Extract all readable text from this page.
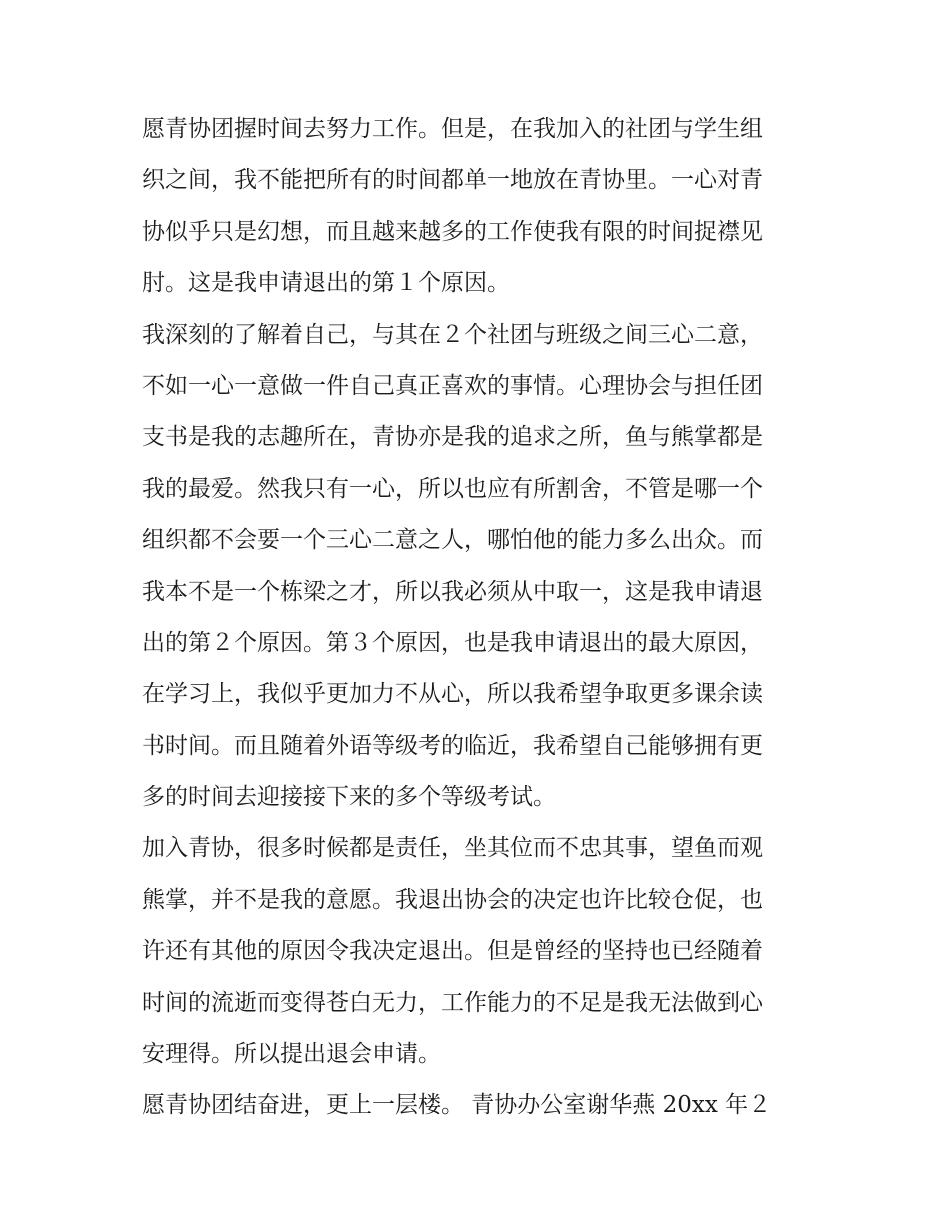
愿青协团握时间去努力工作。但是，在我加入的社团与学生组
织之间，我不能把所有的时间都单一地放在青协里。一心对青
协似乎只是幻想，而且越来越多的工作使我有限的时间捉襟见
肘。这是我申请退出的第１个原因。
我深刻的了解着自己，与其在２个社团与班级之间三心二意，
不如一心一意做一件自己真正喜欢的事情。心理协会与担任团
支书是我的志趣所在，青协亦是我的追求之所，鱼与熊掌都是
我的最爱。然我只有一心，所以也应有所割舍，不管是哪一个
组织都不会要一个三心二意之人，哪怕他的能力多么出众。而
我本不是一个栋梁之才，所以我必须从中取一，这是我申请退
出的第２个原因。第３个原因，也是我申请退出的最大原因，
在学习上，我似乎更加力不从心，所以我希望争取更多课余读
书时间。而且随着外语等级考的临近，我希望自己能够拥有更
多的时间去迎接接下来的多个等级考试。
加入青协，很多时候都是责任，坐其位而不忠其事，望鱼而观
熊掌，并不是我的意愿。我退出协会的决定也许比较仓促，也
许还有其他的原因令我决定退出。但是曾经的坚持也已经随着
时间的流逝而变得苍白无力，工作能力的不足是我无法做到心
安理得。所以提出退会申请。
愿青协团结奋进，更上一层楼。 青协办公室谢华燕 20xx 年２
